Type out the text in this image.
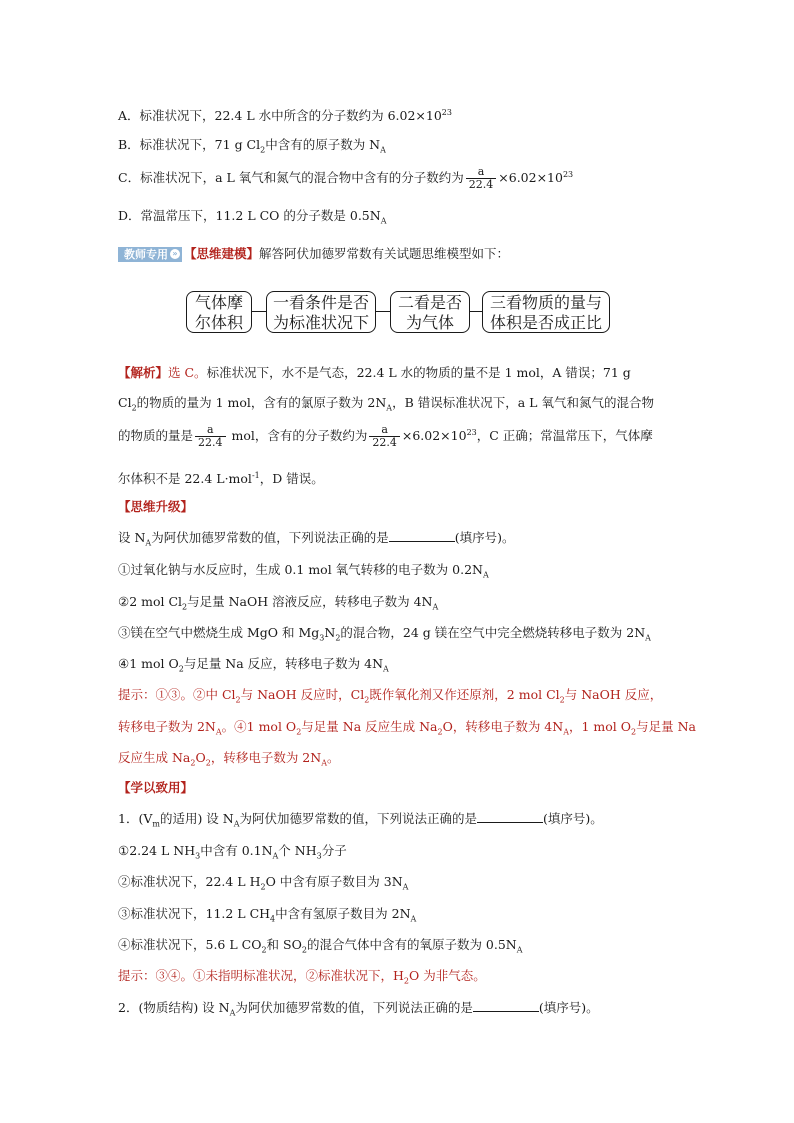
A．标准状况下，22.4 L 水中所含的分子数约为 $6.02\times 10^{23}$
B．标准状况下，71 g $Cl_2$中含有的原子数为 $N_A$
C．标准状况下，a L 氧气和氮气的混合物中含有的分子数约为 $\frac{a}{22.4} \times 6.02\times 10^{23}$
D．常温常压下，11.2 L CO 的分子数是 $0.5N_A$
教师专用 » 【思维建模】解答阿伏加德罗常数有关试题思维模型如下：
气体摩
尔体积
一看条件是否
为标准状况下
二看是否
为气体
三看物质的量与
体积是否成正比
【解析】选 C。标准状况下，水不是气态，22.4 L 水的物质的量不是 1 mol，A 错误；71 g
$Cl_2$的物质的量为 1 mol，含有的氯原子数为 $2N_A$，B 错误标准状况下，a L 氧气和氮气的混合物
的物质的量是 $\frac{a}{22.4}$ mol，含有的分子数约为 $\frac{a}{22.4} \times 6.02\times 10^{23}$，C 正确；常温常压下，气体摩
尔体积不是 22.4 L·mol$^{-1}$，D 错误。
【思维升级】
设 $N_A$为阿伏加德罗常数的值，下列说法正确的是	(填序号)。
①过氧化钠与水反应时，生成 0.1 mol 氧气转移的电子数为 $0.2N_A$
②2 mol $Cl_2$与足量 NaOH 溶液反应，转移电子数为 $4N_A$
③镁在空气中燃烧生成 MgO 和 $Mg_3N_2$的混合物，24 g 镁在空气中完全燃烧转移电子数为 $2N_A$
④1 mol $O_2$与足量 Na 反应，转移电子数为 $4N_A$
提示：①③。②中 $Cl_2$与 NaOH 反应时，$Cl_2$既作氧化剂又作还原剂，2 mol $Cl_2$与 NaOH 反应，
转移电子数为 $2N_A$。④1 mol $O_2$与足量 Na 反应生成 $Na_2O$，转移电子数为 $4N_A$，1 mol $O_2$与足量 Na
反应生成 $Na_2O_2$，转移电子数为 $2N_A$。
【学以致用】
1．($V_m$的适用) 设 $N_A$为阿伏加德罗常数的值，下列说法正确的是	(填序号)。
①2.24 L $NH_3$中含有 $0.1N_A$个 $NH_3$分子
②标准状况下，22.4 L $H_2O$ 中含有原子数目为 $3N_A$
③标准状况下，11.2 L $CH_4$中含有氢原子数目为 $2N_A$
④标准状况下，5.6 L $CO_2$和 $SO_2$的混合气体中含有的氧原子数为 $0.5N_A$
提示：③④。①未指明标准状况，②标准状况下，$H_2O$ 为非气态。
2．(物质结构) 设 $N_A$为阿伏加德罗常数的值，下列说法正确的是	(填序号)。
